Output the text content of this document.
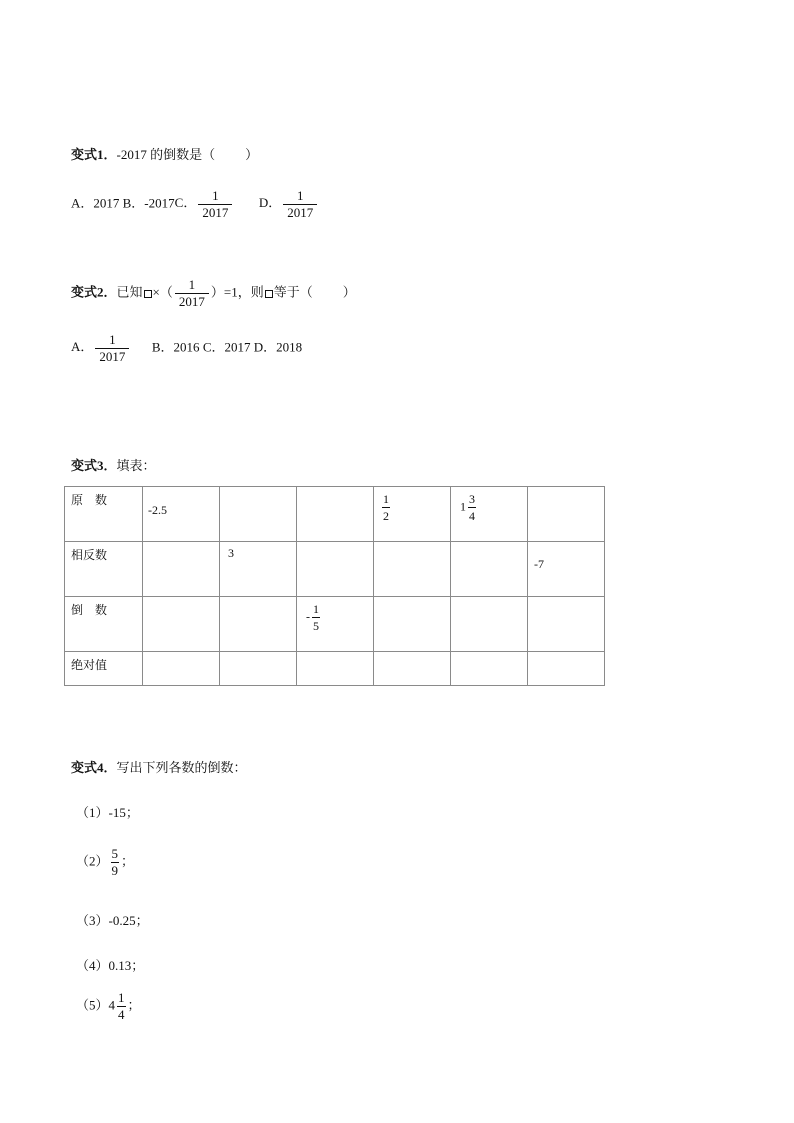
变式1．-2017 的倒数是（ ）
A．2017 B．-2017C． $\frac{1}{2017}$ D． $\frac{1}{2017}$
变式2．已知 ×（ $\frac{1}{2017} )=1$，则 等于（ ）
A． $\frac{1}{2017}$ B．2016 C．2017 D．2018
变式3．填表：
原　数	-2.5			$\frac{1}{2}$	$1 \frac{3}{4}$

相反数		3				-7

倒　数			- $\frac{1}{5}$

绝对值						

变式4．写出下列各数的倒数：
（1）-15；
$(2) \frac{5}{9}$ ；
（3）-0.25；
（4）0.13；
$(5)4 \frac{1}{4}$ ；
